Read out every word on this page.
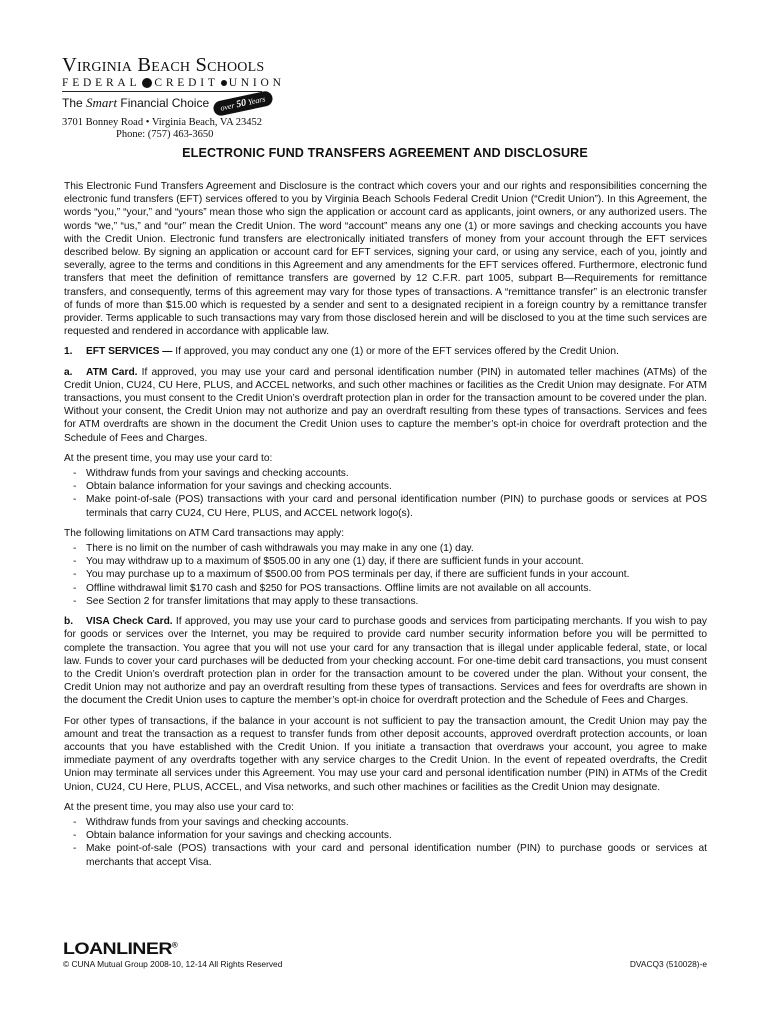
Virginia Beach Schools
FEDERAL CREDIT UNION
The Smart Financial Choice	over 50 Years
3701 Bonney Road • Virginia Beach, VA 23452
Phone: (757) 463-3650
ELECTRONIC FUND TRANSFERS AGREEMENT AND DISCLOSURE

This Electronic Fund Transfers Agreement and Disclosure is the contract which covers your and our rights and responsibilities concerning the electronic fund transfers (EFT) services offered to you by Virginia Beach Schools Federal Credit Union (“Credit Union”). In this Agreement, the words “you,” “your,” and “yours” mean those who sign the application or account card as applicants, joint owners, or any authorized users. The words “we,” “us,” and “our” mean the Credit Union. The word “account” means any one (1) or more savings and checking accounts you have with the Credit Union. Electronic fund transfers are electronically initiated transfers of money from your account through the EFT services described below. By signing an application or account card for EFT services, signing your card, or using any service, each of you, jointly and severally, agree to the terms and conditions in this Agreement and any amendments for the EFT services offered. Furthermore, electronic fund transfers that meet the definition of remittance transfers are governed by 12 C.F.R. part 1005, subpart B—Requirements for remittance transfers, and consequently, terms of this agreement may vary for those types of transactions. A “remittance transfer” is an electronic transfer of funds of more than $15.00 which is requested by a sender and sent to a designated recipient in a foreign country by a remittance transfer provider. Terms applicable to such transactions may vary from those disclosed herein and will be disclosed to you at the time such services are requested and rendered in accordance with applicable law.

1. EFT SERVICES — If approved, you may conduct any one (1) or more of the EFT services offered by the Credit Union.

a. ATM Card. If approved, you may use your card and personal identification number (PIN) in automated teller machines (ATMs) of the Credit Union, CU24, CU Here, PLUS, and ACCEL networks, and such other machines or facilities as the Credit Union may designate. For ATM transactions, you must consent to the Credit Union’s overdraft protection plan in order for the transaction amount to be covered under the plan. Without your consent, the Credit Union may not authorize and pay an overdraft resulting from these types of transactions. Services and fees for ATM overdrafts are shown in the document the Credit Union uses to capture the member’s opt-in choice for overdraft protection and the Schedule of Fees and Charges.

At the present time, you may use your card to:

- Withdraw funds from your savings and checking accounts.
- Obtain balance information for your savings and checking accounts.
- Make point-of-sale (POS) transactions with your card and personal identification number (PIN) to purchase goods or services at POS terminals that carry CU24, CU Here, PLUS, and ACCEL network logo(s).

The following limitations on ATM Card transactions may apply:

- There is no limit on the number of cash withdrawals you may make in any one (1) day.
- You may withdraw up to a maximum of $505.00 in any one (1) day, if there are sufficient funds in your account.
- You may purchase up to a maximum of $500.00 from POS terminals per day, if there are sufficient funds in your account.
- Offline withdrawal limit $170 cash and $250 for POS transactions. Offline limits are not available on all accounts.
- See Section 2 for transfer limitations that may apply to these transactions.

b. VISA Check Card. If approved, you may use your card to purchase goods and services from participating merchants. If you wish to pay for goods or services over the Internet, you may be required to provide card number security information before you will be permitted to complete the transaction. You agree that you will not use your card for any transaction that is illegal under applicable federal, state, or local law. Funds to cover your card purchases will be deducted from your checking account. For one-time debit card transactions, you must consent to the Credit Union’s overdraft protection plan in order for the transaction amount to be covered under the plan. Without your consent, the Credit Union may not authorize and pay an overdraft resulting from these types of transactions. Services and fees for overdrafts are shown in the document the Credit Union uses to capture the member’s opt-in choice for overdraft protection and the Schedule of Fees and Charges.

For other types of transactions, if the balance in your account is not sufficient to pay the transaction amount, the Credit Union may pay the amount and treat the transaction as a request to transfer funds from other deposit accounts, approved overdraft protection accounts, or loan accounts that you have established with the Credit Union. If you initiate a transaction that overdraws your account, you agree to make immediate payment of any overdrafts together with any service charges to the Credit Union. In the event of repeated overdrafts, the Credit Union may terminate all services under this Agreement. You may use your card and personal identification number (PIN) in ATMs of the Credit Union, CU24, CU Here, PLUS, ACCEL, and Visa networks, and such other machines or facilities as the Credit Union may designate.

At the present time, you may also use your card to:

- Withdraw funds from your savings and checking accounts.
- Obtain balance information for your savings and checking accounts.
- Make point-of-sale (POS) transactions with your card and personal identification number (PIN) to purchase goods or services at merchants that accept Visa.
LOANLINER®
© CUNA Mutual Group 2008-10, 12-14 All Rights Reserved	DVACQ3 (510028)-e
